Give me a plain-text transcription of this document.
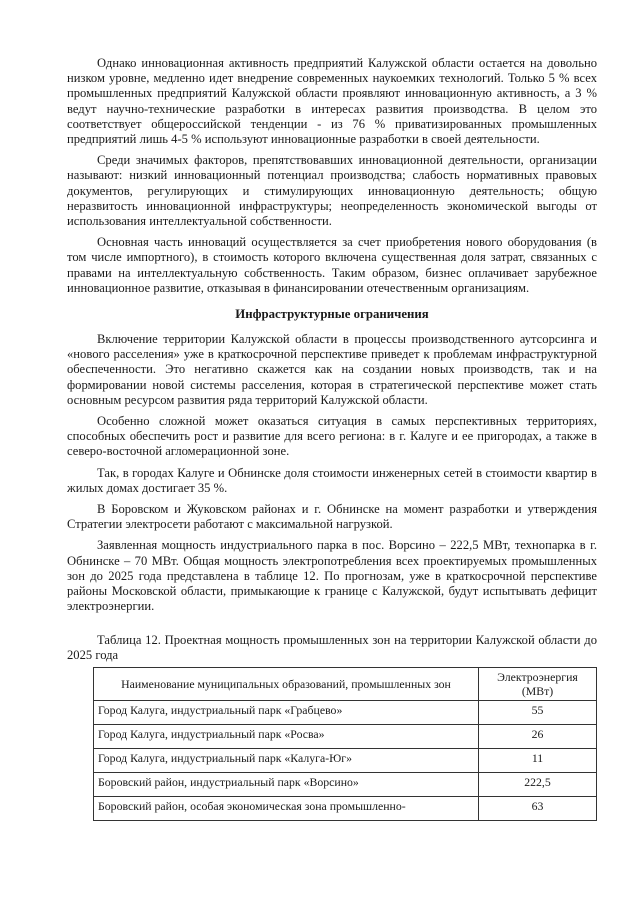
Однако инновационная активность предприятий Калужской области остается на довольно низком уровне, медленно идет внедрение современных наукоемких технологий. Только 5 % всех промышленных предприятий Калужской области проявляют инновационную активность, а 3 % ведут научно-технические разработки в интересах развития производства. В целом это соответствует общероссийской тенденции - из 76 % приватизированных промышленных предприятий лишь 4-5 % используют инновационные разработки в своей деятельности.

Среди значимых факторов, препятствовавших инновационной деятельности, организации называют: низкий инновационный потенциал производства; слабость нормативных правовых документов, регулирующих и стимулирующих инновационную деятельность; общую неразвитость инновационной инфраструктуры; неопределенность экономической выгоды от использования интеллектуальной собственности.

Основная часть инноваций осуществляется за счет приобретения нового оборудования (в том числе импортного), в стоимость которого включена существенная доля затрат, связанных с правами на интеллектуальную собственность. Таким образом, бизнес оплачивает зарубежное инновационное развитие, отказывая в финансировании отечественным организациям.

Инфраструктурные ограничения

Включение территории Калужской области в процессы производственного аутсорсинга и «нового расселения» уже в краткосрочной перспективе приведет к проблемам инфраструктурной обеспеченности. Это негативно скажется как на создании новых производств, так и на формировании новой системы расселения, которая в стратегической перспективе может стать основным ресурсом развития ряда территорий Калужской области.

Особенно сложной может оказаться ситуация в самых перспективных территориях, способных обеспечить рост и развитие для всего региона: в г. Калуге и ее пригородах, а также в северо-восточной агломерационной зоне.

Так, в городах Калуге и Обнинске доля стоимости инженерных сетей в стоимости квартир в жилых домах достигает 35 %.

В Боровском и Жуковском районах и г. Обнинске на момент разработки и утверждения Стратегии электросети работают с максимальной нагрузкой.

Заявленная мощность индустриального парка в пос. Ворсино – 222,5 МВт, технопарка в г. Обнинске – 70 МВт. Общая мощность электропотребления всех проектируемых промышленных зон до 2025 года представлена в таблице 12. По прогнозам, уже в краткосрочной перспективе районы Московской области, примыкающие к границе с Калужской, будут испытывать дефицит электроэнергии.

Таблица 12. Проектная мощность промышленных зон на территории Калужской области до 2025 года
Наименование муниципальных образований, промышленных зон	Электроэнергия (МВт)
Город Калуга, индустриальный парк «Грабцево»	55
Город Калуга, индустриальный парк «Росва»	26
Город Калуга, индустриальный парк «Калуга-Юг»	11
Боровский район, индустриальный парк «Ворсино»	222,5
Боровский район, особая экономическая зона промышленно-	63
